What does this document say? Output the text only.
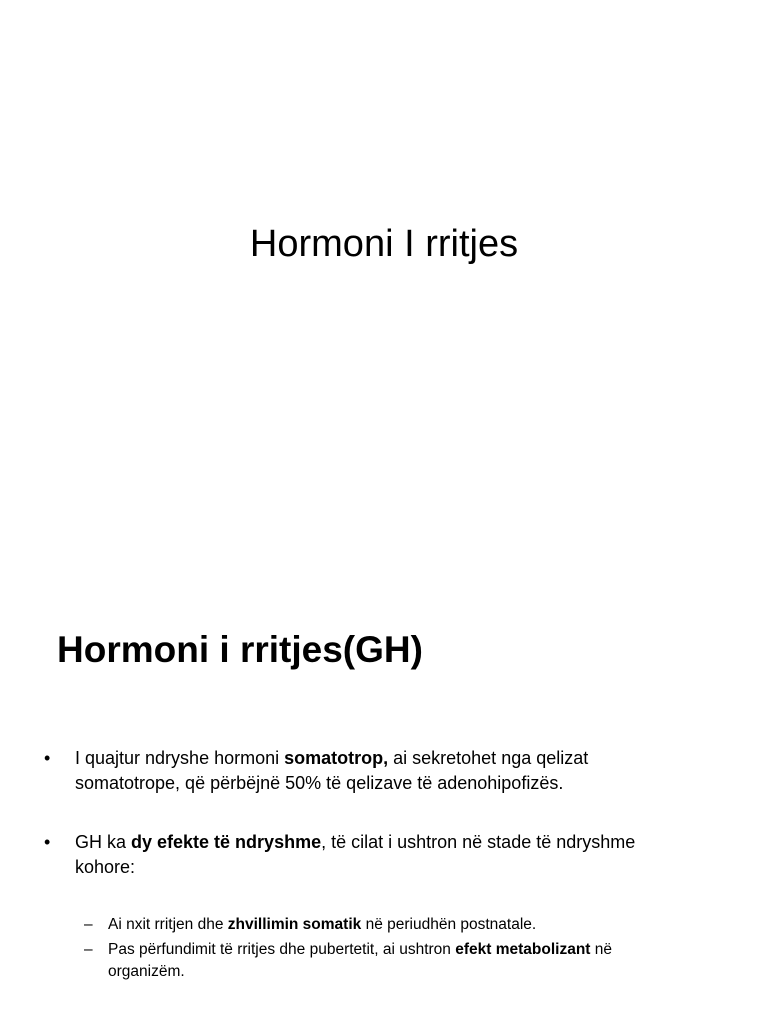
Hormoni I rritjes
Hormoni i rritjes(GH)
•	I quajtur ndryshe hormoni somatotrop, ai sekretohet nga qelizat somatotrope, që përbëjnë 50% të qelizave të adenohipofizës.
•	GH ka dy efekte të ndryshme, të cilat i ushtron në stade të ndryshme kohore:
– Ai nxit rritjen dhe zhvillimin somatik në periudhën postnatale.
– Pas përfundimit të rritjes dhe pubertetit, ai ushtron efekt metabolizant në organizëm.
